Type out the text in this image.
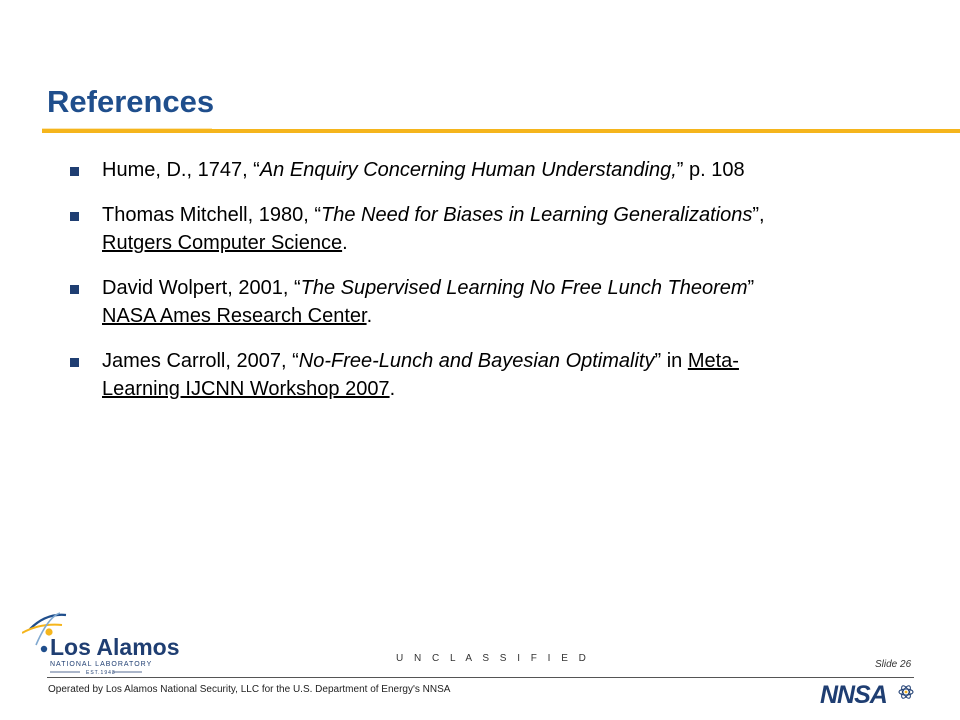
References
Hume, D., 1747, “An Enquiry Concerning Human Understanding,” p. 108
Thomas Mitchell, 1980, “The Need for Biases in Learning Generalizations”,
Rutgers Computer Science.
David Wolpert, 2001, “The Supervised Learning No Free Lunch Theorem”
NASA Ames Research Center.
James Carroll, 2007, “No-Free-Lunch and Bayesian Optimality” in Meta-
Learning IJCNN Workshop 2007.
Los Alamos
NATIONAL LABORATORY
EST.1943
U N C L A S S I F I E D
Slide 26
Operated by Los Alamos National Security, LLC for the U.S. Department of Energy's NNSA	NNSA
